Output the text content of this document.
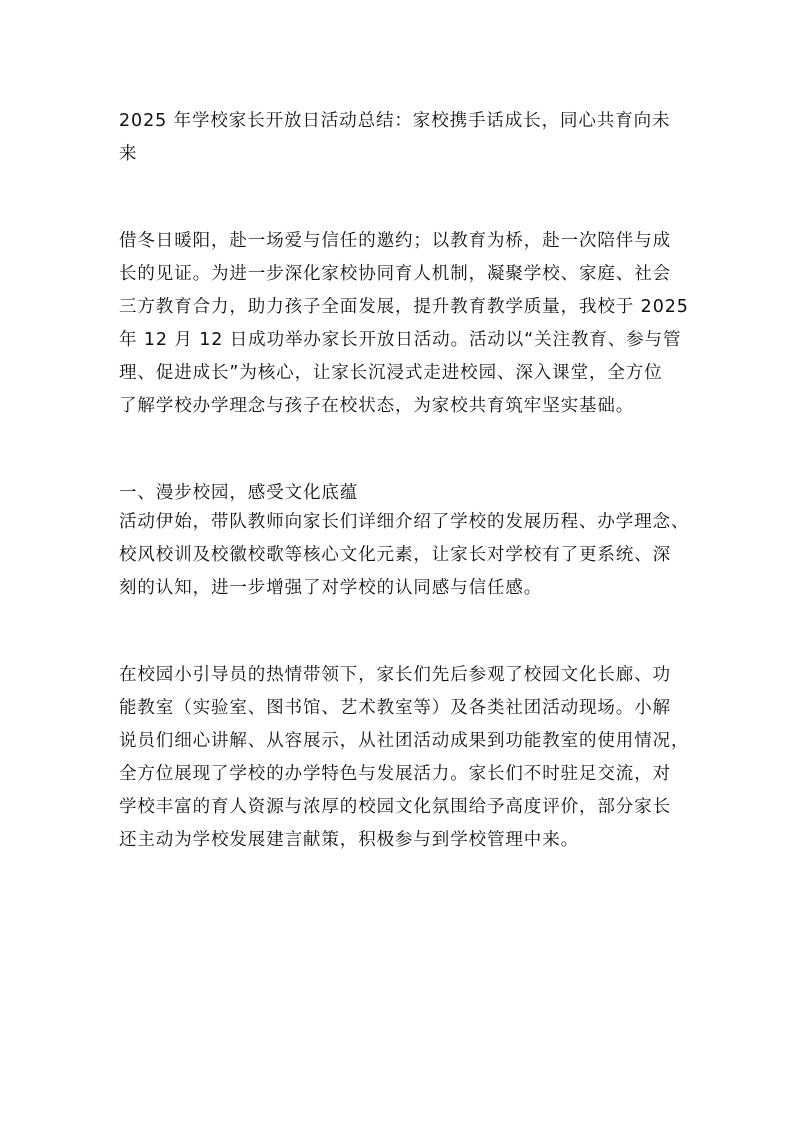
2025 年学校家长开放日活动总结：家校携手话成长，同心共育向未
来
借冬日暖阳，赴一场爱与信任的邀约；以教育为桥，赴一次陪伴与成
长的见证。为进一步深化家校协同育人机制，凝聚学校、家庭、社会
三方教育合力，助力孩子全面发展，提升教育教学质量，我校于 2025
年 12 月 12 日成功举办家长开放日活动。活动以“关注教育、参与管
理、促进成长”为核心，让家长沉浸式走进校园、深入课堂，全方位
了解学校办学理念与孩子在校状态，为家校共育筑牢坚实基础。
一、漫步校园，感受文化底蕴
活动伊始，带队教师向家长们详细介绍了学校的发展历程、办学理念、
校风校训及校徽校歌等核心文化元素，让家长对学校有了更系统、深
刻的认知，进一步增强了对学校的认同感与信任感。
在校园小引导员的热情带领下，家长们先后参观了校园文化长廊、功
能教室（实验室、图书馆、艺术教室等）及各类社团活动现场。小解
说员们细心讲解、从容展示，从社团活动成果到功能教室的使用情况，
全方位展现了学校的办学特色与发展活力。家长们不时驻足交流，对
学校丰富的育人资源与浓厚的校园文化氛围给予高度评价，部分家长
还主动为学校发展建言献策，积极参与到学校管理中来。
